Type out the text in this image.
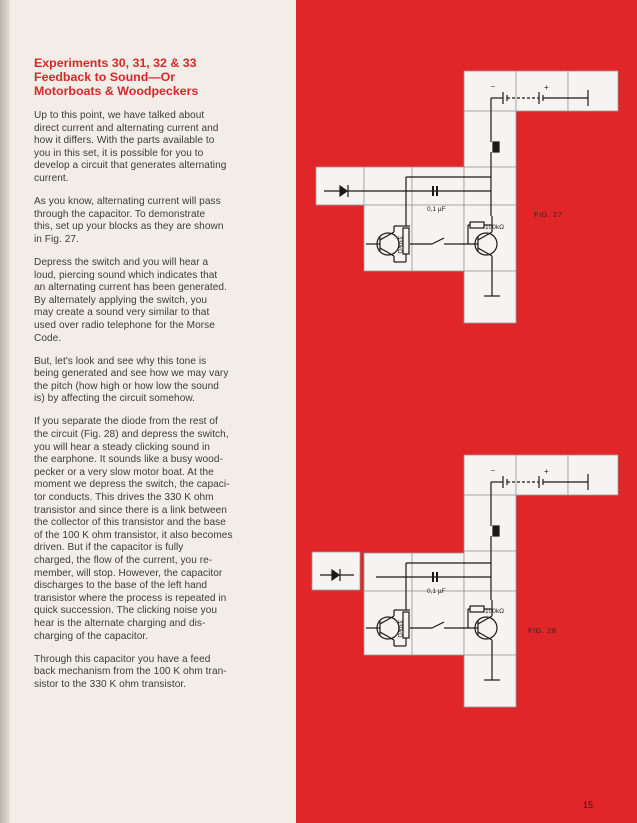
Experiments 30, 31, 32 & 33
Feedback to Sound—Or
Motorboats & Woodpeckers

Up to this point, we have talked about
direct current and alternating current and
how it differs. With the parts available to
you in this set, it is possible for you to
develop a circuit that generates alternating
current.

As you know, alternating current will pass
through the capacitor. To demonstrate
this, set up your blocks as they are shown
in Fig. 27.

Depress the switch and you will hear a
loud, piercing sound which indicates that
an alternating current has been generated.
By alternately applying the switch, you
may create a sound very similar to that
used over radio telephone for the Morse
Code.

But, let's look and see why this tone is
being generated and see how we may vary
the pitch (how high or how low the sound
is) by affecting the circuit somehow.

If you separate the diode from the rest of
the circuit (Fig. 28) and depress the switch,
you will hear a steady clicking sound in
the earphone. It sounds like a busy wood-
pecker or a very slow motor boat. At the
moment we depress the switch, the capaci-
tor conducts. This drives the 330 K ohm
transistor and since there is a link between
the collector of this transistor and the base
of the 100 K ohm transistor, it also becomes
driven. But if the capacitor is fully
charged, the flow of the current, you re-
member, will stop. However, the capacitor
discharges to the base of the left hand
transistor where the process is repeated in
quick succession. The clicking noise you
hear is the alternate charging and dis-
charging of the capacitor.

Through this capacitor you have a feed
back mechanism from the 100 K ohm tran-
sistor to the 330 K ohm transistor.

–	+
0,1 µF
100kΩ
330kΩ
FIG. 27
–	+
0,1 µF
100kΩ
330kΩ	FIG. 28
15
